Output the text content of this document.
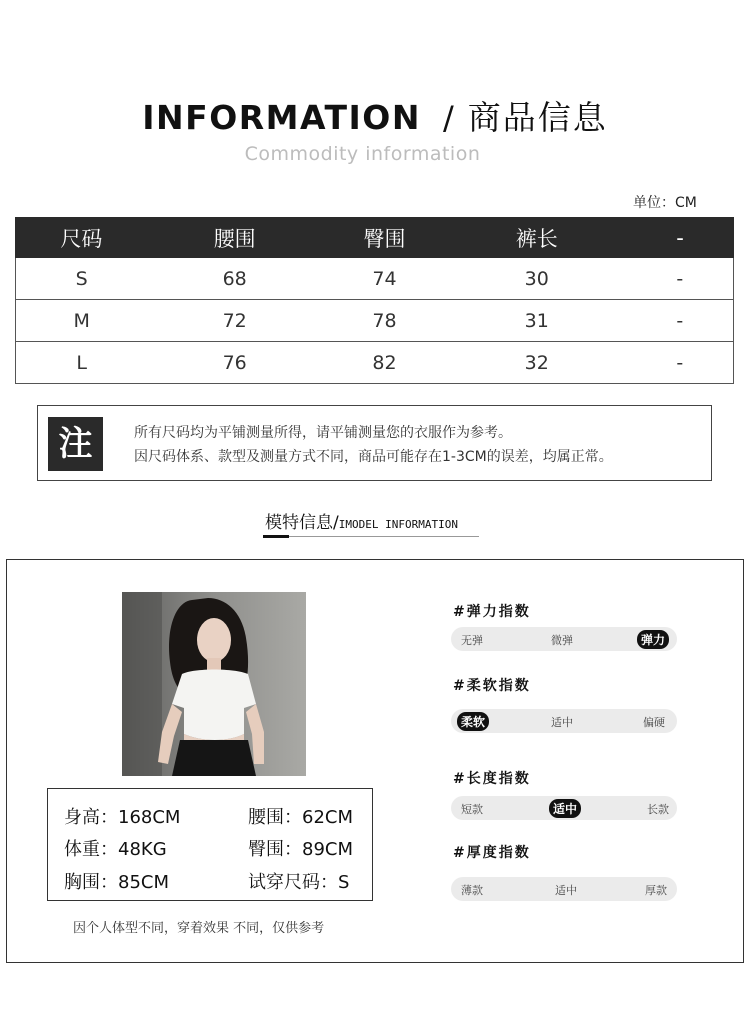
INFORMATION / 商品信息
Commodity information
单位：CM
尺码	腰围	臀围	裤长	-
S	68	74	30	-
M	72	78	31	-
L	76	82	32	-
注	所有尺码均为平铺测量所得，请平铺测量您的衣服作为参考。
因尺码体系、款型及测量方式不同，商品可能存在1-3CM的误差，均属正常。
模特信息/IMODEL INFORMATION
身高：168CM	腰围：62CM
体重：48KG	臀围：89CM
胸围：85CM	试穿尺码：S
因个人体型不同，穿着效果 不同，仅供参考
#弹力指数
无弹	微弹	弹力
#柔软指数
柔软	适中	偏硬
#长度指数
短款	适中	长款
#厚度指数
薄款	适中	厚款
